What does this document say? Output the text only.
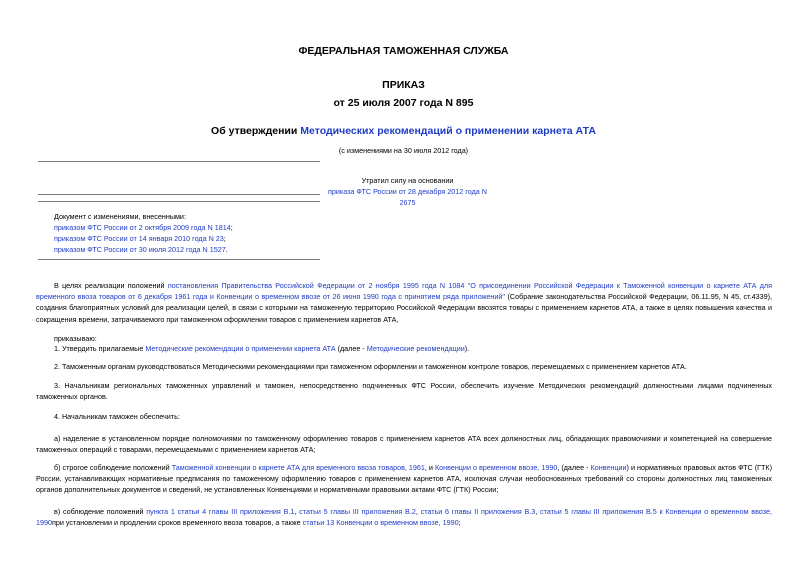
ФЕДЕРАЛЬНАЯ ТАМОЖЕННАЯ СЛУЖБА
ПРИКАЗ
от 25 июля 2007 года N 895
Об утверждении Методических рекомендаций о применении карнета АТА
(с изменениями на 30 июля 2012 года)
Утратил силу на основании
приказа ФТС России от 28 декабря 2012 года N 2675
Документ с изменениями, внесенными:
приказом ФТС России от 2 октября 2009 года N 1814;
приказом ФТС России от 14 января 2010 года N 23;
приказом ФТС России от 30 июля 2012 года N 1527.
В целях реализации положений постановления Правительства Российской Федерации от 2 ноября 1995 года N 1084 "О присоединении Российской Федерации к Таможенной конвенции о карнете АТА для временного ввоза товаров от 6 декабря 1961 года и Конвенции о временном ввозе от 26 июня 1990 года с принятием ряда приложений" (Собрание законодательства Российской Федерации, 06.11.95, N 45, ст.4339), создания благоприятных условий для реализации целей, в связи с которыми на таможенную территорию Российской Федерации ввозятся товары с применением карнетов АТА, а также в целях повышения качества и сокращения времени, затрачиваемого при таможенном оформлении товаров с применением карнетов АТА,
приказываю:
1. Утвердить прилагаемые Методические рекомендации о применении карнета АТА (далее - Методические рекомендации).
2. Таможенным органам руководствоваться Методическими рекомендациями при таможенном оформлении и таможенном контроле товаров, перемещаемых с применением карнетов АТА.
3. Начальникам региональных таможенных управлений и таможен, непосредственно подчиненных ФТС России, обеспечить изучение Методических рекомендаций должностными лицами подчиненных таможенных органов.
4. Начальникам таможен обеспечить:
а) наделение в установленном порядке полномочиями по таможенному оформлению товаров с применением карнетов АТА всех должностных лиц, обладающих правомочиями и компетенцией на совершение таможенных операций с товарами, перемещаемыми с применением карнетов АТА;
б) строгое соблюдение положений Таможенной конвенции о карнете АТА для временного ввоза товаров, 1961, и Конвенции о временном ввозе, 1990, (далее - Конвенции) и нормативных правовых актов ФТС (ГТК) России, устанавливающих нормативные предписания по таможенному оформлению товаров с применением карнетов АТА, исключая случаи необоснованных требований со стороны должностных лиц таможенных органов дополнительных документов и сведений, не установленных Конвенциями и нормативными правовыми актами ФТС (ГТК) России;
в) соблюдение положений пункта 1 статьи 4 главы III приложения B.1, статьи 5 главы III приложения B.2, статьи 6 главы II приложения B.3, статьи 5 главы III приложения B.5 к Конвенции о временном ввозе, 1990при установлении и продлении сроков временного ввоза товаров, а также статьи 13 Конвенции о временном ввозе, 1990;
